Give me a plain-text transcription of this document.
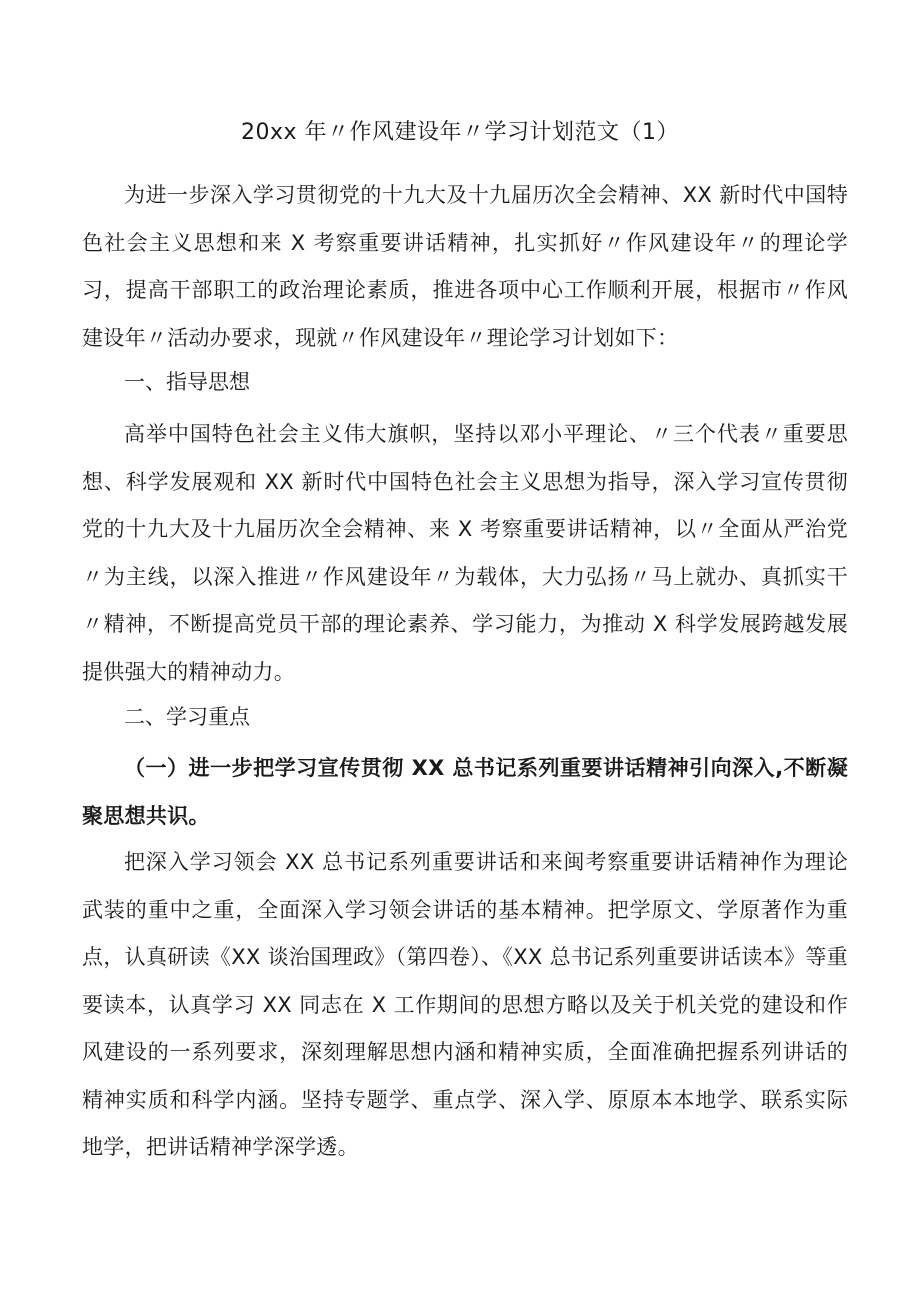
20xx 年〃作风建设年〃学习计划范文（1）

为进一步深入学习贯彻党的十九大及十九届历次全会精神、XX 新时代中国特色社会主义思想和来 X 考察重要讲话精神，扎实抓好〃作风建设年〃的理论学习，提高干部职工的政治理论素质，推进各项中心工作顺利开展，根据市〃作风建设年〃活动办要求，现就〃作风建设年〃理论学习计划如下：

一、指导思想

高举中国特色社会主义伟大旗帜，坚持以邓小平理论、〃三个代表〃重要思想、科学发展观和 XX 新时代中国特色社会主义思想为指导，深入学习宣传贯彻党的十九大及十九届历次全会精神、来 X 考察重要讲话精神，以〃全面从严治党〃为主线，以深入推进〃作风建设年〃为载体，大力弘扬〃马上就办、真抓实干〃精神，不断提高党员干部的理论素养、学习能力，为推动 X 科学发展跨越发展提供强大的精神动力。

二、学习重点

（一）进一步把学习宣传贯彻 XX 总书记系列重要讲话精神引向深入,不断凝聚思想共识。

把深入学习领会 XX 总书记系列重要讲话和来闽考察重要讲话精神作为理论武装的重中之重，全面深入学习领会讲话的基本精神。把学原文、学原著作为重点，认真研读《XX 谈治国理政》（第四卷）、《XX 总书记系列重要讲话读本》等重要读本，认真学习 XX 同志在 X 工作期间的思想方略以及关于机关党的建设和作风建设的一系列要求，深刻理解思想内涵和精神实质，全面准确把握系列讲话的精神实质和科学内涵。坚持专题学、重点学、深入学、原原本本地学、联系实际地学，把讲话精神学深学透。
